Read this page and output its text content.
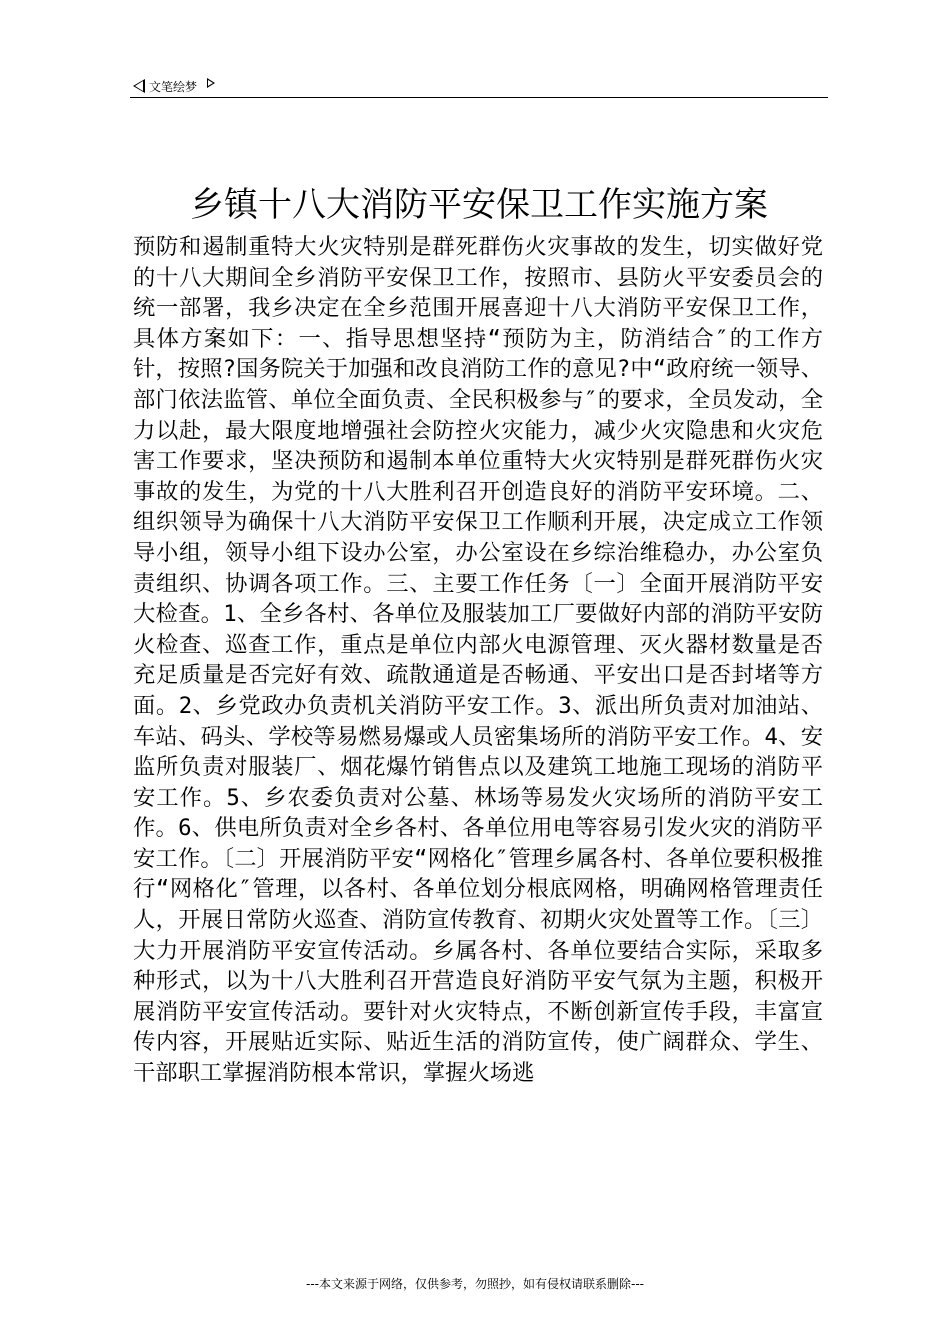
文笔绘梦
乡镇十八大消防平安保卫工作实施方案

预防和遏制重特大火灾特别是群死群伤火灾事故的发生，切实做好党的十八大期间全乡消防平安保卫工作，按照市、县防火平安委员会的统一部署，我乡决定在全乡范围开展喜迎十八大消防平安保卫工作，具体方案如下：一、指导思想坚持“预防为主，防消结合″的工作方针，按照?国务院关于加强和改良消防工作的意见?中“政府统一领导、部门依法监管、单位全面负责、全民积极参与″的要求，全员发动，全力以赴，最大限度地增强社会防控火灾能力，减少火灾隐患和火灾危害工作要求，坚决预防和遏制本单位重特大火灾特别是群死群伤火灾事故的发生，为党的十八大胜利召开创造良好的消防平安环境。二、组织领导为确保十八大消防平安保卫工作顺利开展，决定成立工作领导小组，领导小组下设办公室，办公室设在乡综治维稳办，办公室负责组织、协调各项工作。三、主要工作任务〔一〕全面开展消防平安大检查。1、全乡各村、各单位及服装加工厂要做好内部的消防平安防火检查、巡查工作，重点是单位内部火电源管理、灭火器材数量是否充足质量是否完好有效、疏散通道是否畅通、平安出口是否封堵等方面。2、乡党政办负责机关消防平安工作。3、派出所负责对加油站、车站、码头、学校等易燃易爆或人员密集场所的消防平安工作。4、安监所负责对服装厂、烟花爆竹销售点以及建筑工地施工现场的消防平安工作。5、乡农委负责对公墓、林场等易发火灾场所的消防平安工作。6、供电所负责对全乡各村、各单位用电等容易引发火灾的消防平安工作。〔二〕开展消防平安“网格化″管理乡属各村、各单位要积极推行“网格化″管理，以各村、各单位划分根底网格，明确网格管理责任人，开展日常防火巡查、消防宣传教育、初期火灾处置等工作。〔三〕大力开展消防平安宣传活动。乡属各村、各单位要结合实际，采取多种形式，以为十八大胜利召开营造良好消防平安气氛为主题，积极开展消防平安宣传活动。要针对火灾特点，不断创新宣传手段，丰富宣传内容，开展贴近实际、贴近生活的消防宣传，使广阔群众、学生、干部职工掌握消防根本常识，掌握火场逃

---本文来源于网络，仅供参考，勿照抄，如有侵权请联系删除---
